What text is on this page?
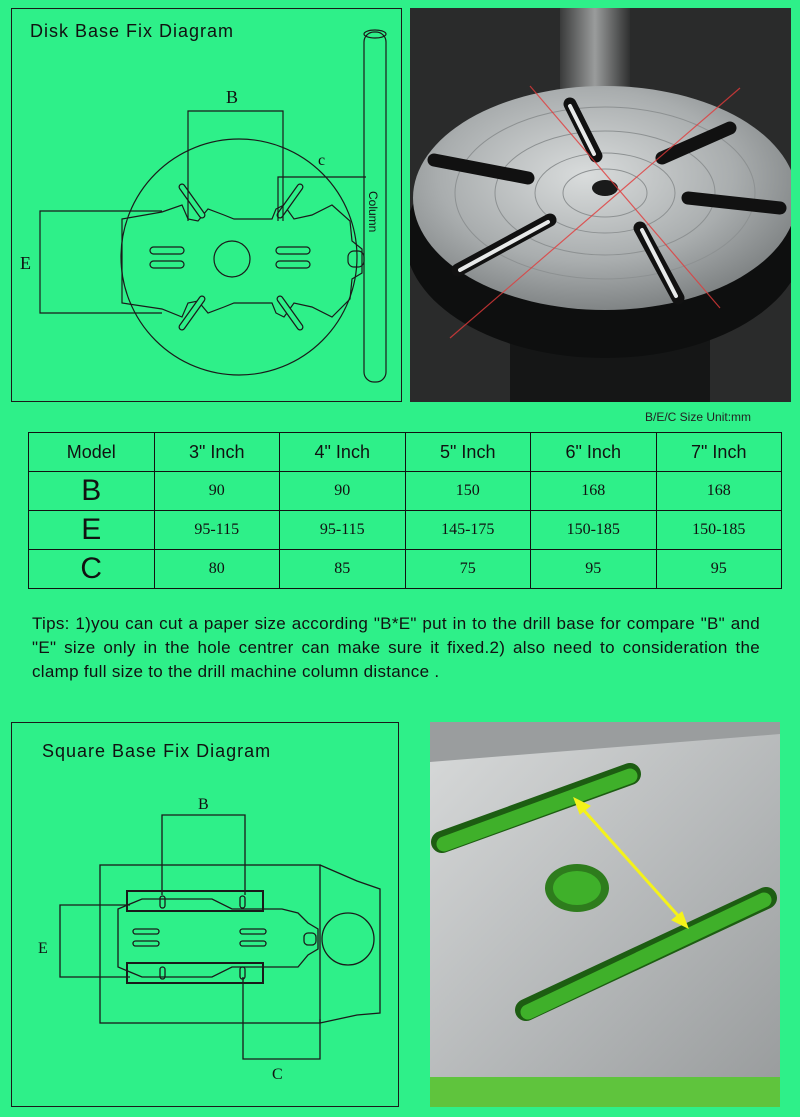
Disk Base Fix Diagram
B
c
E
Column
B/E/C Size Unit:mm
Model	3" Inch	4" Inch	5" Inch	6" Inch	7" Inch
B	90	90	150	168	168
E	95-115	95-115	145-175	150-185	150-185
C	80	85	75	95	95
Tips: 1)you can cut a paper size according "B*E" put in to the drill base for compare "B" and "E" size only in the hole centrer can make sure it fixed.2) also need to consideration the clamp full size to the drill machine column distance .
Square Base Fix Diagram
B
E
C
